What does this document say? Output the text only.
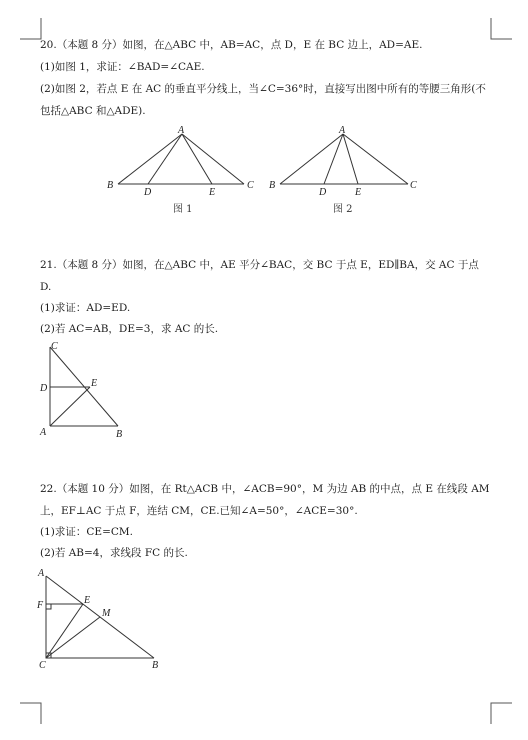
20.（本题 8 分）如图，在△ABC 中，AB=AC，点 D，E 在 BC 边上，AD=AE.
(1)如图 1，求证：∠BAD=∠CAE.
(2)如图 2，若点 E 在 AC 的垂直平分线上，当∠C=36°时，直接写出图中所有的等腰三角形(不
包括△ABC 和△ADE).
A
B	C
D	E
图 1
A
B	C
D	E
图 2
21.（本题 8 分）如图，在△ABC 中，AE 平分∠BAC，交 BC 于点 E，ED∥BA，交 AC 于点
D.
(1)求证：AD=ED.
(2)若 AC=AB，DE=3，求 AC 的长.
C
D	E
A	B
22.（本题 10 分）如图，在 Rt△ACB 中，∠ACB=90°，M 为边 AB 的中点，点 E 在线段 AM
上，EF⊥AC 于点 F，连结 CM，CE.已知∠A=50°，∠ACE=30°.
(1)求证：CE=CM.
(2)若 AB=4，求线段 FC 的长.
A
F	E
M
C	B
